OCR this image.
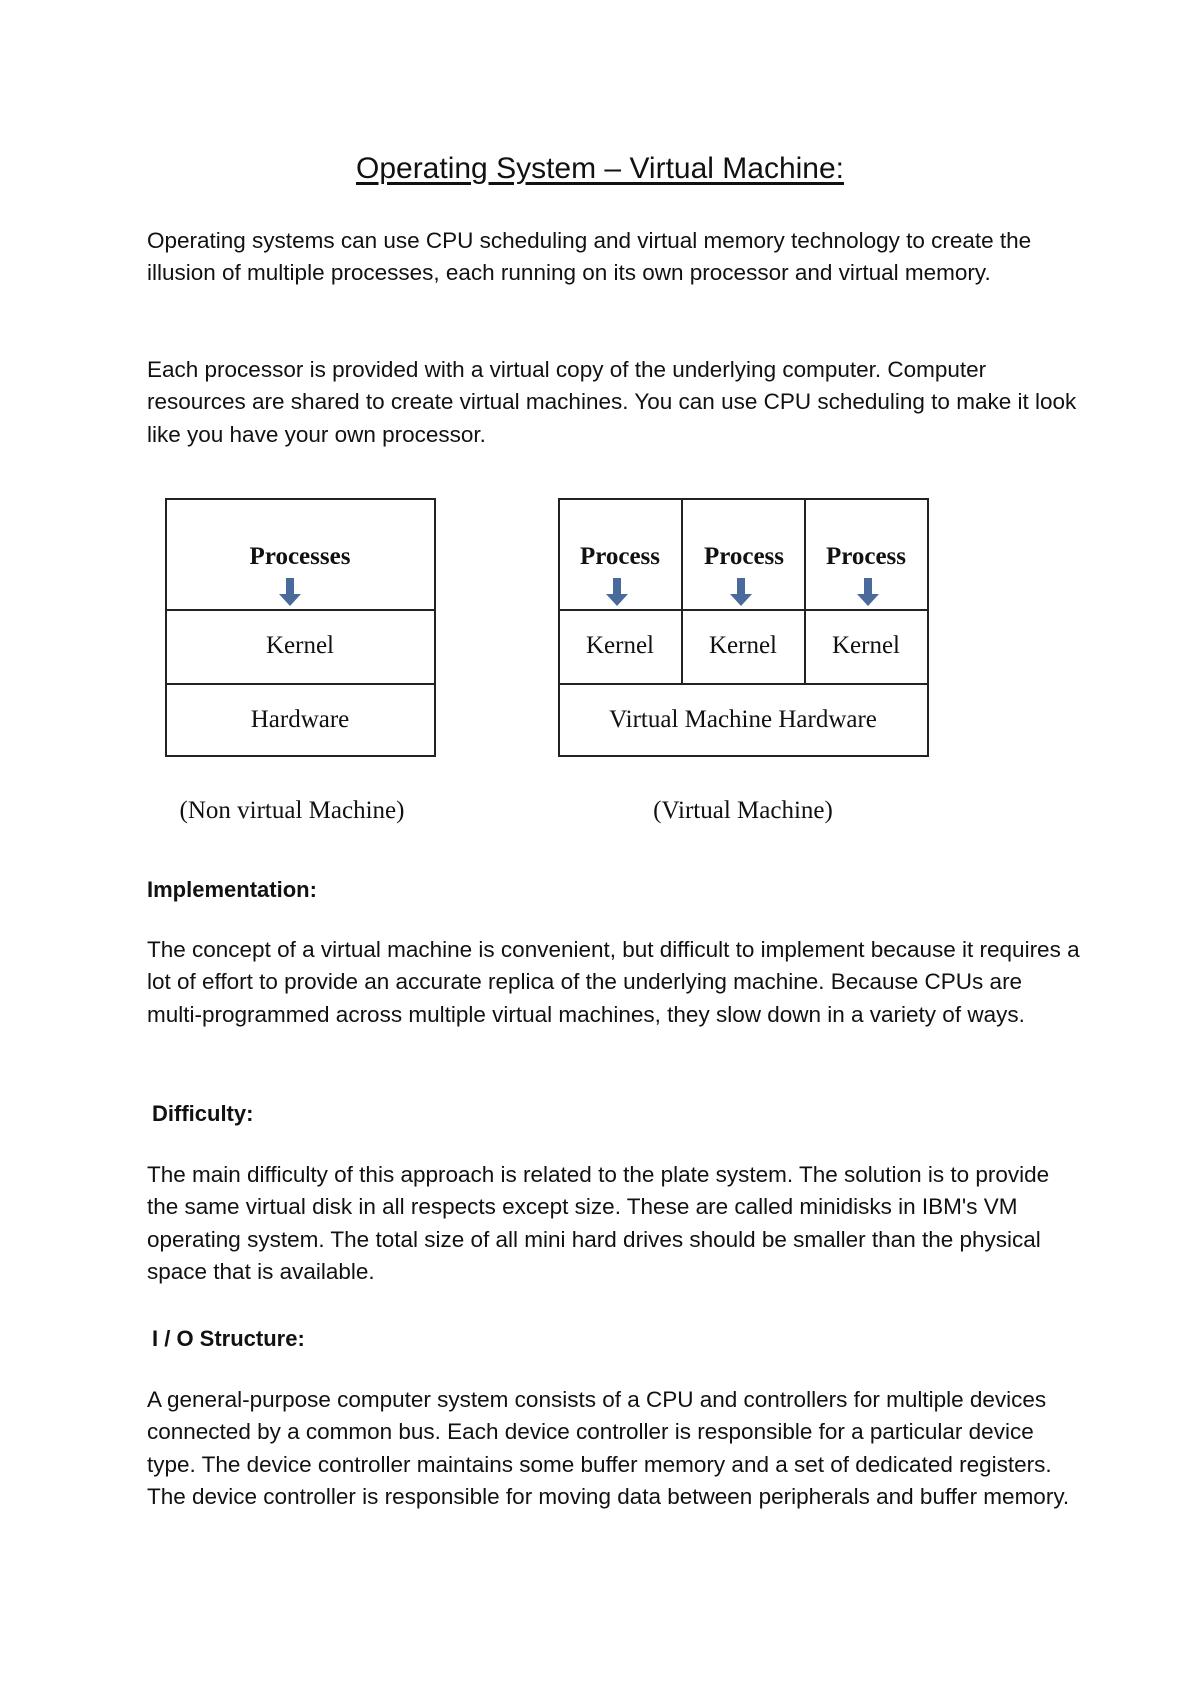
Operating System – Virtual Machine:

Operating systems can use CPU scheduling and virtual memory technology to create the illusion of multiple processes, each running on its own processor and virtual memory.

Each processor is provided with a virtual copy of the underlying computer. Computer resources are shared to create virtual machines. You can use CPU scheduling to make it look like you have your own processor.

Processes
Kernel
Hardware
(Non virtual Machine)
Process Process Process
Kernel Kernel Kernel
Virtual Machine Hardware
(Virtual Machine)
Implementation:

The concept of a virtual machine is convenient, but difficult to implement because it requires a lot of effort to provide an accurate replica of the underlying machine. Because CPUs are multi-programmed across multiple virtual machines, they slow down in a variety of ways.

Difficulty:

The main difficulty of this approach is related to the plate system. The solution is to provide the same virtual disk in all respects except size. These are called minidisks in IBM's VM operating system. The total size of all mini hard drives should be smaller than the physical space that is available.

I / O Structure:

A general-purpose computer system consists of a CPU and controllers for multiple devices connected by a common bus. Each device controller is responsible for a particular device type. The device controller maintains some buffer memory and a set of dedicated registers. The device controller is responsible for moving data between peripherals and buffer memory.
